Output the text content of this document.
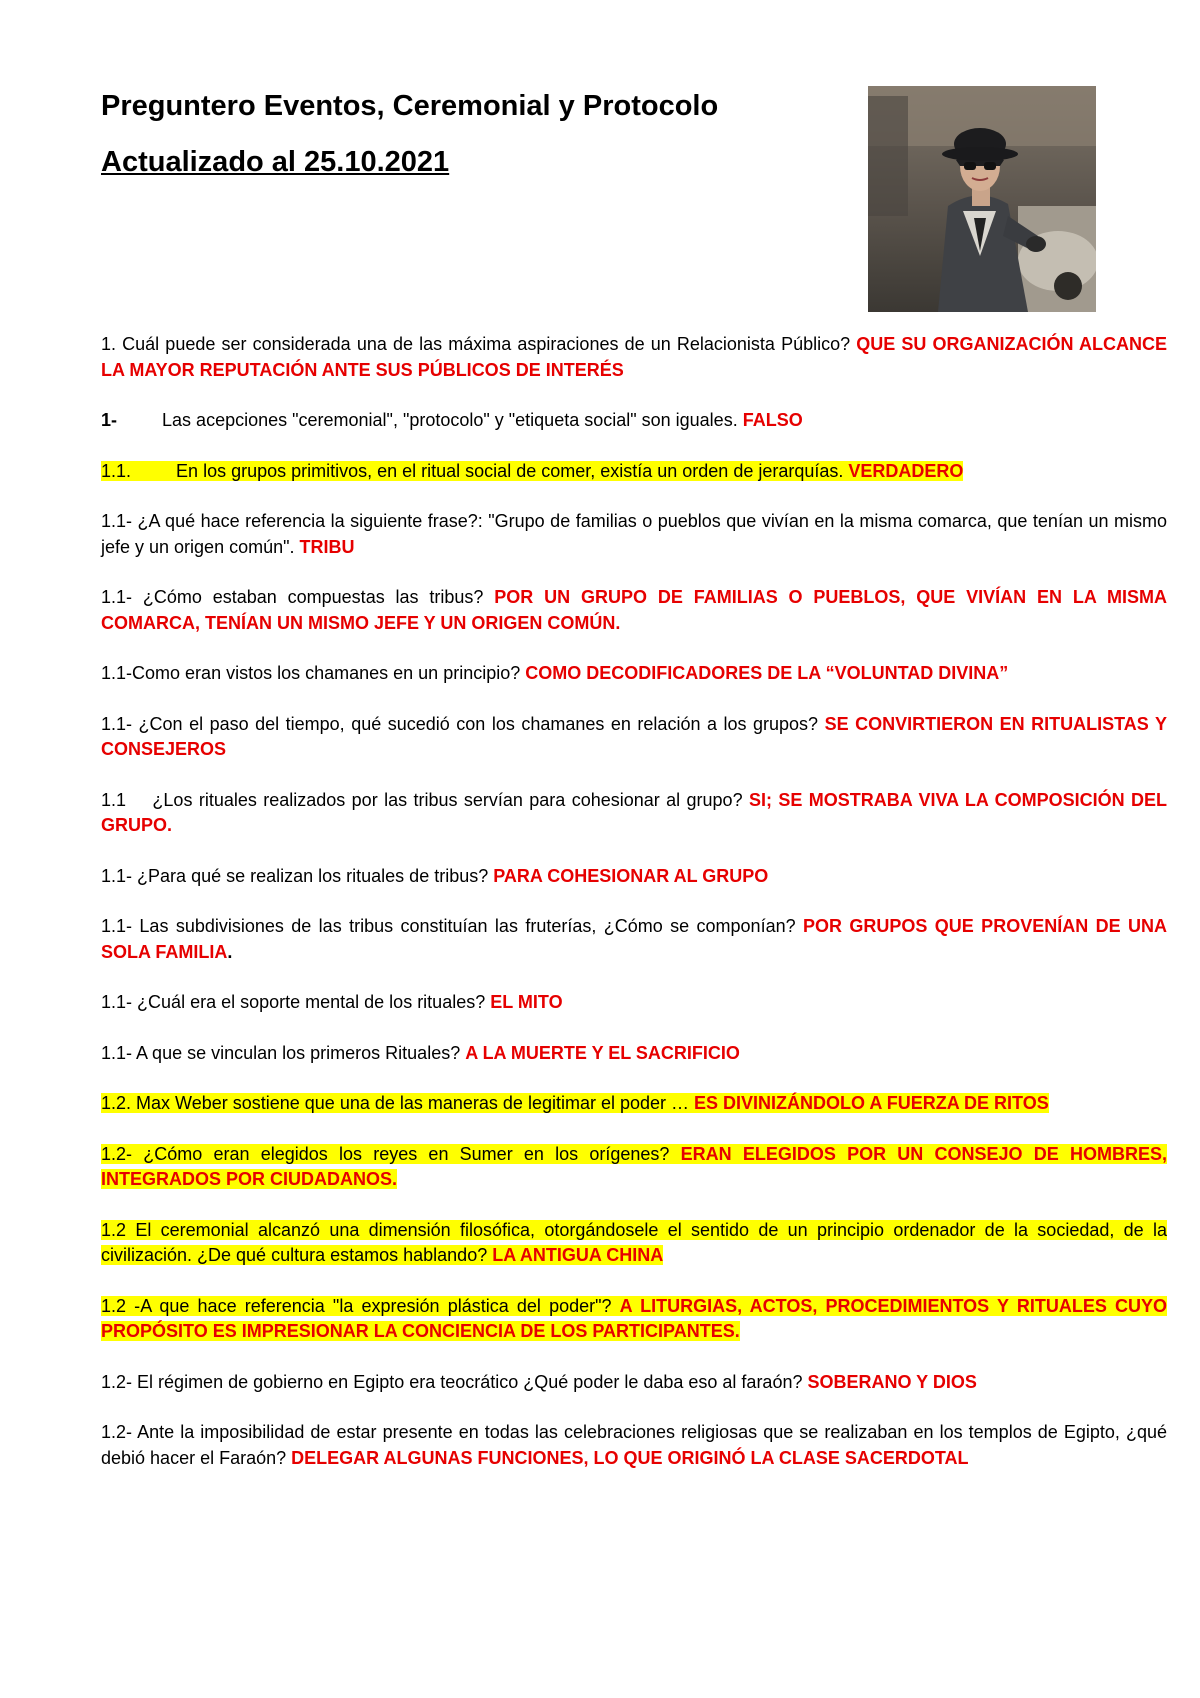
Preguntero Eventos, Ceremonial y Protocolo
Actualizado al 25.10.2021

1. Cuál puede ser considerada una de las máxima aspiraciones de un Relacionista Público? QUE SU ORGANIZACIÓN ALCANCE LA MAYOR REPUTACIÓN ANTE SUS PÚBLICOS DE INTERÉS

1-	Las acepciones "ceremonial", "protocolo" y "etiqueta social" son iguales. FALSO

1.1.	En los grupos primitivos, en el ritual social de comer, existía un orden de jerarquías. VERDADERO

1.1- ¿A qué hace referencia la siguiente frase?: "Grupo de familias o pueblos que vivían en la misma comarca, que tenían un mismo jefe y un origen común". TRIBU

1.1- ¿Cómo estaban compuestas las tribus? POR UN GRUPO DE FAMILIAS O PUEBLOS, QUE VIVÍAN EN LA MISMA COMARCA, TENÍAN UN MISMO JEFE Y UN ORIGEN COMÚN.

1.1-Como eran vistos los chamanes en un principio? COMO DECODIFICADORES DE LA “VOLUNTAD DIVINA”

1.1- ¿Con el paso del tiempo, qué sucedió con los chamanes en relación a los grupos? SE CONVIRTIERON EN RITUALISTAS Y CONSEJEROS

1.1 ¿Los rituales realizados por las tribus servían para cohesionar al grupo? SI; SE MOSTRABA VIVA LA COMPOSICIÓN DEL GRUPO.

1.1- ¿Para qué se realizan los rituales de tribus? PARA COHESIONAR AL GRUPO

1.1- Las subdivisiones de las tribus constituían las fruterías, ¿Cómo se componían? POR GRUPOS QUE PROVENÍAN DE UNA SOLA FAMILIA.

1.1- ¿Cuál era el soporte mental de los rituales? EL MITO

1.1- A que se vinculan los primeros Rituales? A LA MUERTE Y EL SACRIFICIO

1.2. Max Weber sostiene que una de las maneras de legitimar el poder … ES DIVINIZÁNDOLO A FUERZA DE RITOS

1.2- ¿Cómo eran elegidos los reyes en Sumer en los orígenes? ERAN ELEGIDOS POR UN CONSEJO DE HOMBRES, INTEGRADOS POR CIUDADANOS.

1.2 El ceremonial alcanzó una dimensión filosófica, otorgándosele el sentido de un principio ordenador de la sociedad, de la civilización. ¿De qué cultura estamos hablando? LA ANTIGUA CHINA

1.2 -A que hace referencia "la expresión plástica del poder"? A LITURGIAS, ACTOS, PROCEDIMIENTOS Y RITUALES CUYO PROPÓSITO ES IMPRESIONAR LA CONCIENCIA DE LOS PARTICIPANTES.

1.2- El régimen de gobierno en Egipto era teocrático ¿Qué poder le daba eso al faraón? SOBERANO Y DIOS

1.2- Ante la imposibilidad de estar presente en todas las celebraciones religiosas que se realizaban en los templos de Egipto, ¿qué debió hacer el Faraón? DELEGAR ALGUNAS FUNCIONES, LO QUE ORIGINÓ LA CLASE SACERDOTAL
